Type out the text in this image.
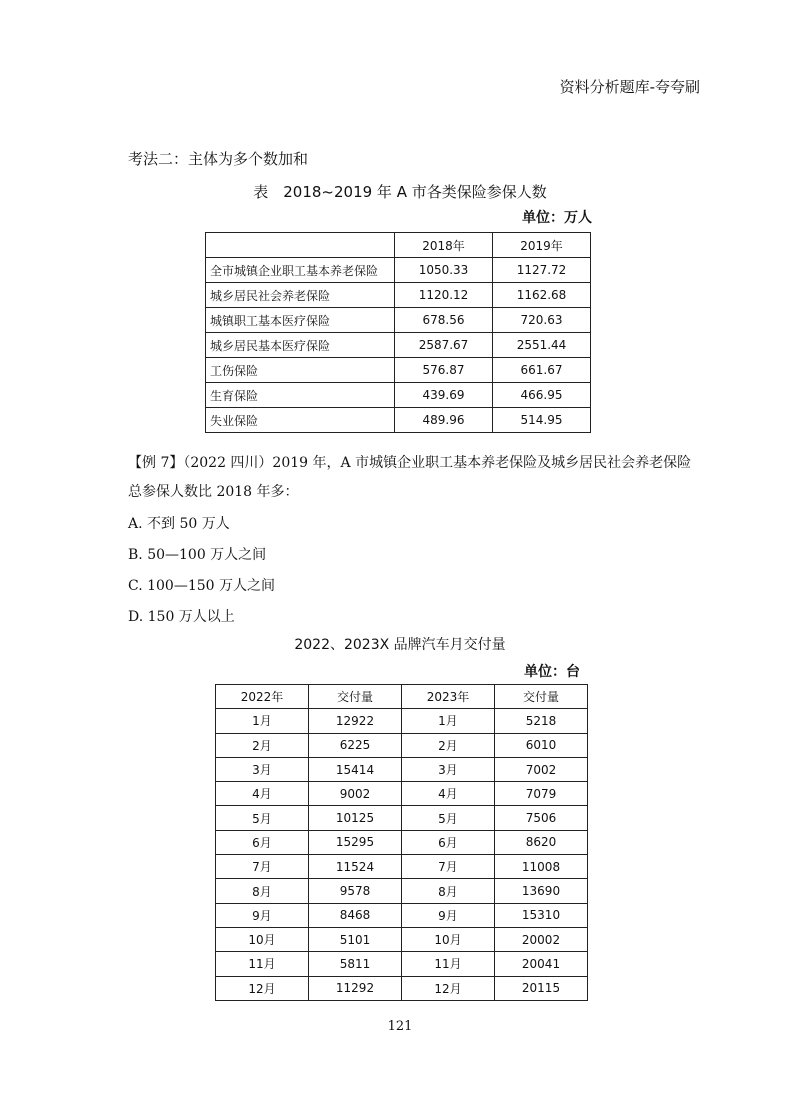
资料分析题库-夸夸刷
考法二：主体为多个数加和
表　2018~2019 年 A 市各类保险参保人数
单位：万人
	2018年	2019年
全市城镇企业职工基本养老保险	1050.33	1127.72
城乡居民社会养老保险	1120.12	1162.68
城镇职工基本医疗保险	678.56	720.63
城乡居民基本医疗保险	2587.67	2551.44
工伤保险	576.87	661.67
生育保险	439.69	466.95
失业保险	489.96	514.95
【例 7】（2022 四川）2019 年，A 市城镇企业职工基本养老保险及城乡居民社会养老保险
总参保人数比 2018 年多：
A. 不到 50 万人
B. 50—100 万人之间
C. 100—150 万人之间
D. 150 万人以上
2022、2023X 品牌汽车月交付量
单位：台
2022年	交付量	2023年	交付量
1月	12922	1月	5218
2月	6225	2月	6010
3月	15414	3月	7002
4月	9002	4月	7079
5月	10125	5月	7506
6月	15295	6月	8620
7月	11524	7月	11008
8月	9578	8月	13690
9月	8468	9月	15310
10月	5101	10月	20002
11月	5811	11月	20041
12月	11292	12月	20115
121
